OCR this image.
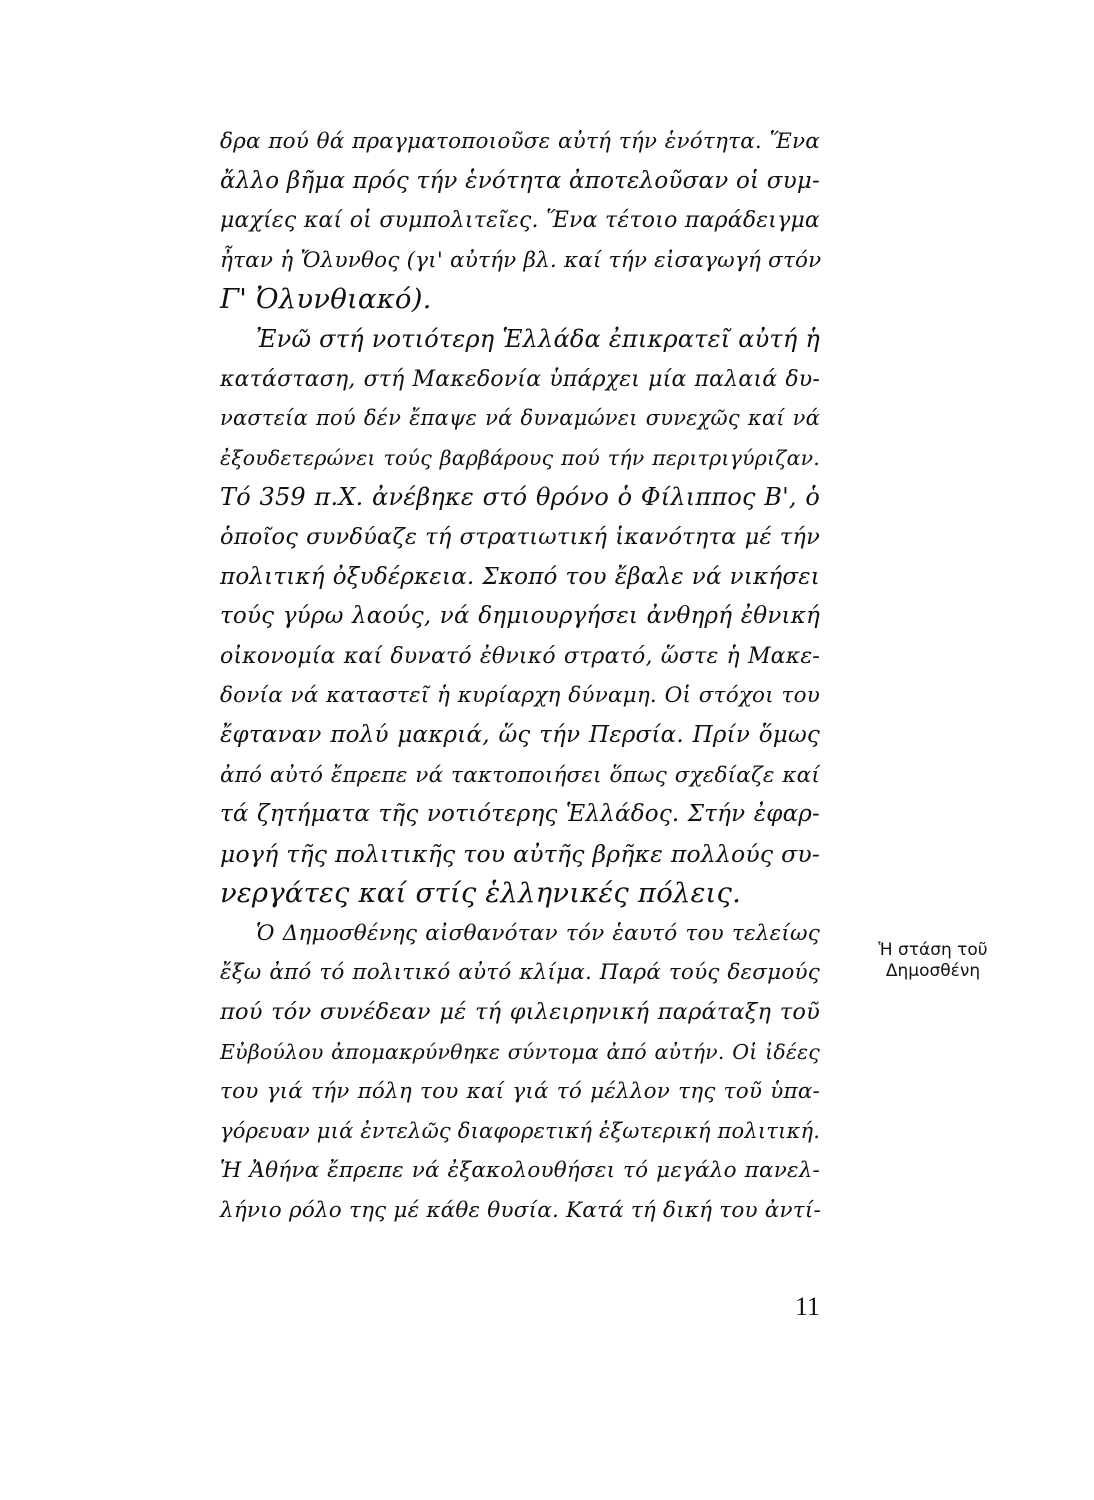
δρα πού θά πραγματοποιοῦσε αὐτή τήν ἑνότητα. Ἕνα
ἄλλο βῆμα πρός τήν ἑνότητα ἀποτελοῦσαν οἱ συμ-
μαχίες καί οἱ συμπολιτεῖες. Ἕνα τέτοιο παράδειγμα
ἦταν ἡ Ὄλυνθος (γι' αὐτήν βλ. καί τήν εἰσαγωγή στόν
Γ' Ὀλυνθιακό).
Ἐνῶ στή νοτιότερη Ἑλλάδα ἐπικρατεῖ αὐτή ἡ
κατάσταση, στή Μακεδονία ὑπάρχει μία παλαιά δυ-
ναστεία πού δέν ἔπαψε νά δυναμώνει συνεχῶς καί νά
ἐξουδετερώνει τούς βαρβάρους πού τήν περιτριγύριζαν.
Τό 359 π.Χ. ἀνέβηκε στό θρόνο ὁ Φίλιππος Β', ὁ
ὁποῖος συνδύαζε τή στρατιωτική ἱκανότητα μέ τήν
πολιτική ὀξυδέρκεια. Σκοπό του ἔβαλε νά νικήσει
τούς γύρω λαούς, νά δημιουργήσει ἀνθηρή ἐθνική
οἰκονομία καί δυνατό ἐθνικό στρατό, ὥστε ἡ Μακε-
δονία νά καταστεῖ ἡ κυρίαρχη δύναμη. Οἱ στόχοι του
ἔφταναν πολύ μακριά, ὥς τήν Περσία. Πρίν ὅμως
ἀπό αὐτό ἔπρεπε νά τακτοποιήσει ὅπως σχεδίαζε καί
τά ζητήματα τῆς νοτιότερης Ἑλλάδος. Στήν ἐφαρ-
μογή τῆς πολιτικῆς του αὐτῆς βρῆκε πολλούς συ-
νεργάτες καί στίς ἑλληνικές πόλεις.
Ὁ Δημοσθένης αἰσθανόταν τόν ἑαυτό του τελείως
ἔξω ἀπό τό πολιτικό αὐτό κλίμα. Παρά τούς δεσμούς
πού τόν συνέδεαν μέ τή φιλειρηνική παράταξη τοῦ
Εὐβούλου ἀπομακρύνθηκε σύντομα ἀπό αὐτήν. Οἱ ἰδέες
του γιά τήν πόλη του καί γιά τό μέλλον της τοῦ ὑπα-
γόρευαν μιά ἐντελῶς διαφορετική ἐξωτερική πολιτική.
Ἡ Ἀθήνα ἔπρεπε νά ἐξακολουθήσει τό μεγάλο πανελ-
λήνιο ρόλο της μέ κάθε θυσία. Κατά τή δική του ἀντί-
Ἡ στάση τοῦ
Δημοσθένη
11
